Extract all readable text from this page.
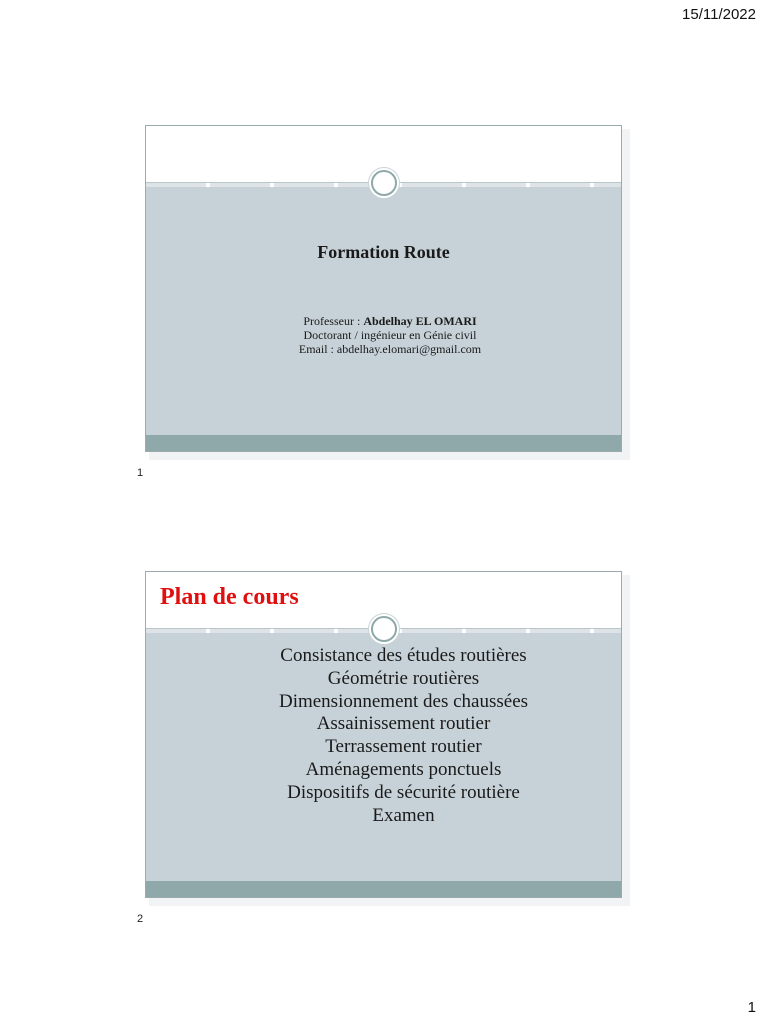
15/11/2022
Formation Route
Professeur : Abdelhay EL OMARI
Doctorant / ingénieur en Génie civil
Email : abdelhay.elomari@gmail.com
1
Plan de cours
Consistance des études routières
Géométrie routières
Dimensionnement des chaussées
Assainissement routier
Terrassement routier
Aménagements ponctuels
Dispositifs de sécurité routière
Examen
2
1
